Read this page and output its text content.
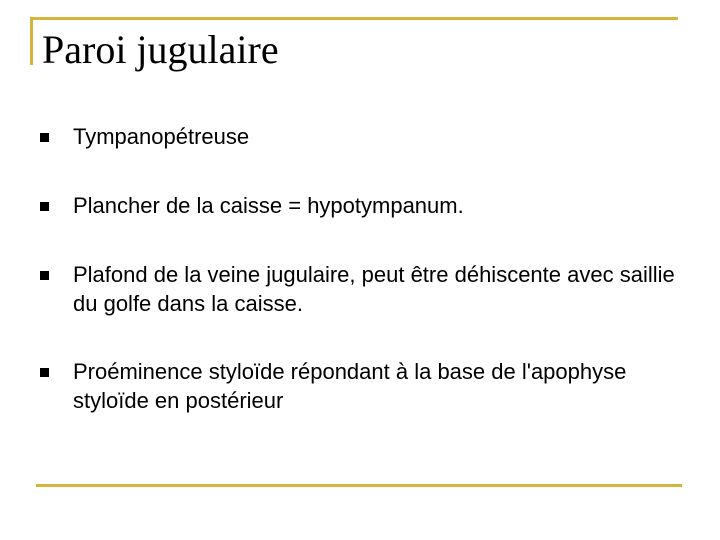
Paroi jugulaire
Tympanopétreuse
Plancher de la caisse = hypotympanum.
Plafond de la veine jugulaire, peut être déhiscente avec saillie du golfe dans la caisse.
Proéminence styloïde répondant à la base de l'apophyse styloïde en postérieur
